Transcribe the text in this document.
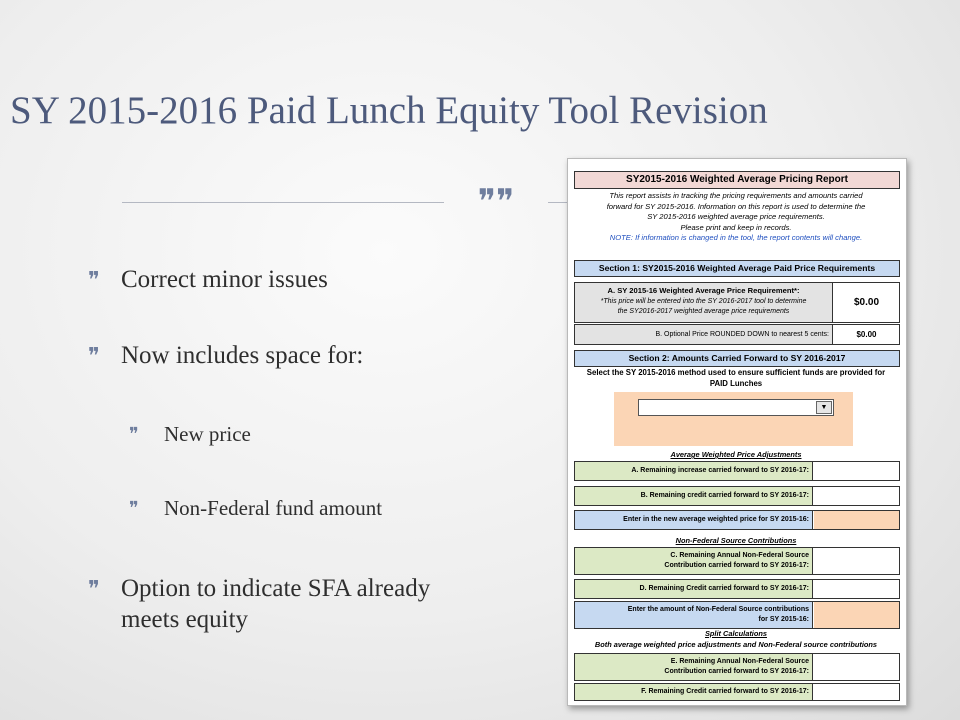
SY 2015-2016 Paid Lunch Equity Tool Revision
❞❞
❞ Correct minor issues
❞ Now includes space for:
❞ New price
❞ Non-Federal fund amount
❞ Option to indicate SFA already meets equity
SY2015-2016 Weighted Average Pricing Report
This report assists in tracking the pricing requirements and amounts carried
forward for SY 2015-2016. Information on this report is used to determine the
SY 2015-2016 weighted average price requirements.
Please print and keep in records.
NOTE: If information is changed in the tool, the report contents will change.
Section 1: SY2015-2016 Weighted Average Paid Price Requirements
A. SY 2015-16 Weighted Average Price Requirement*:
*This price will be entered into the SY 2016-2017 tool to determine
the SY2016-2017 weighted average price requirements
$0.00
B. Optional Price ROUNDED DOWN to nearest 5 cents:	$0.00
Section 2: Amounts Carried Forward to SY 2016-2017
Select the SY 2015-2016 method used to ensure sufficient funds are provided for
PAID Lunches
▼
Average Weighted Price Adjustments
A. Remaining increase carried forward to SY 2016-17:
B. Remaining credit carried forward to SY 2016-17:
Enter in the new average weighted price for SY 2015-16:
Non-Federal Source Contributions
C. Remaining Annual Non-Federal Source Contribution carried forward to SY 2016-17:
D. Remaining Credit carried forward to SY 2016-17:
Enter the amount of Non-Federal Source contributions for SY 2015-16:
Split Calculations
Both average weighted price adjustments and Non-Federal source contributions
E. Remaining Annual Non-Federal Source Contribution carried forward to SY 2016-17:
F. Remaining Credit carried forward to SY 2016-17:
